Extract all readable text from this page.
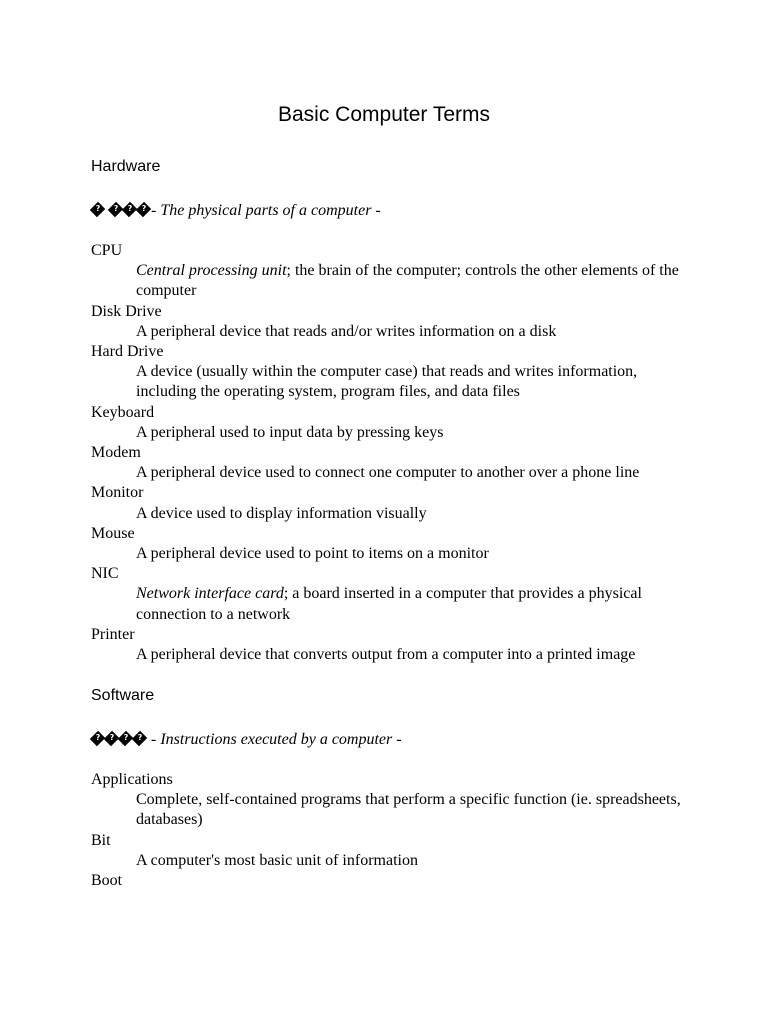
Basic Computer Terms
Hardware
????- The physical parts of a computer -
CPU
Central processing unit; the brain of the computer; controls the other elements of the computer
Disk Drive
A peripheral device that reads and/or writes information on a disk
Hard Drive
A device (usually within the computer case) that reads and writes information, including the operating system, program files, and data files
Keyboard
A peripheral used to input data by pressing keys
Modem
A peripheral device used to connect one computer to another over a phone line
Monitor
A device used to display information visually
Mouse
A peripheral device used to point to items on a monitor
NIC
Network interface card; a board inserted in a computer that provides a physical connection to a network
Printer
A peripheral device that converts output from a computer into a printed image
Software
???? - Instructions executed by a computer -
Applications
Complete, self-contained programs that perform a specific function (ie. spreadsheets, databases)
Bit
A computer's most basic unit of information
Boot
